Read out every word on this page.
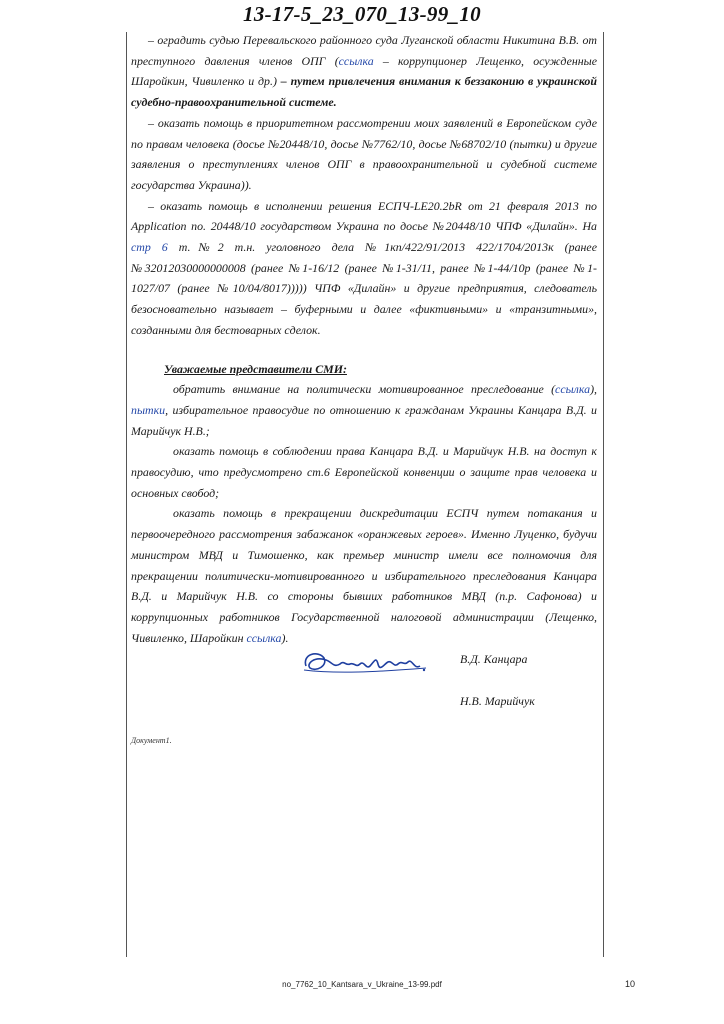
13-17-5_23_070_13-99_10

– оградить судью Перевальского районного суда Луганской области Никитина В.В. от преступного давления членов ОПГ (ссылка – коррупционер Лещенко, осужденные Шаройкин, Чивиленко и др.) – путем привлечения внимания к беззаконию в украинской судебно-правоохранительной системе.

– оказать помощь в приоритетном рассмотрении моих заявлений в Европейском суде по правам человека (досье №20448/10, досье №7762/10, досье №68702/10 (пытки) и другие заявления о преступлениях членов ОПГ в правоохранительной и судебной системе государства Украина)).

– оказать помощь в исполнении решения ЕСПЧ-LE20.2bR от 21 февраля 2013 по Application no. 20448/10 государством Украина по досье №20448/10 ЧПФ «Дилайн». На стр 6 т.№2 т.н. уголовного дела №1кп/422/91/2013 422/1704/2013к (ранее №32012030000000008 (ранее №1-16/12 (ранее №1-31/11, ранее №1-44/10р (ранее №1-1027/07 (ранее №10/04/8017))))) ЧПФ «Дилайн» и другие предприятия, следователь безосновательно называет – буферными и далее «фиктивными» и «транзитными», созданными для бестоварных сделок.

Уважаемые представители СМИ:

обратить внимание на политически мотивированное преследование (ссылка), пытки, избирательное правосудие по отношению к гражданам Украины Канцара В.Д. и Марийчук Н.В.;

оказать помощь в соблюдении права Канцара В.Д. и Марийчук Н.В. на доступ к правосудию, что предусмотрено ст.6 Европейской конвенции о защите прав человека и основных свобод;

оказать помощь в прекращении дискредитации ЕСПЧ путем потакания и первоочередного рассмотрения забажанок «оранжевых героев». Именно Луценко, будучи министром МВД и Тимошенко, как премьер министр имели все полномочия для прекращении политически-мотивированного и избирательного преследования Канцара В.Д. и Марийчук Н.В. со стороны бывших работников МВД (п.р. Сафонова) и коррупционных работников Государственной налоговой администрации (Лещенко, Чивиленко, Шаройкин ссылка).

В.Д. Канцара
Н.В. Марийчук
Документ1.
no_7762_10_Kantsara_v_Ukraine_13-99.pdf	10
